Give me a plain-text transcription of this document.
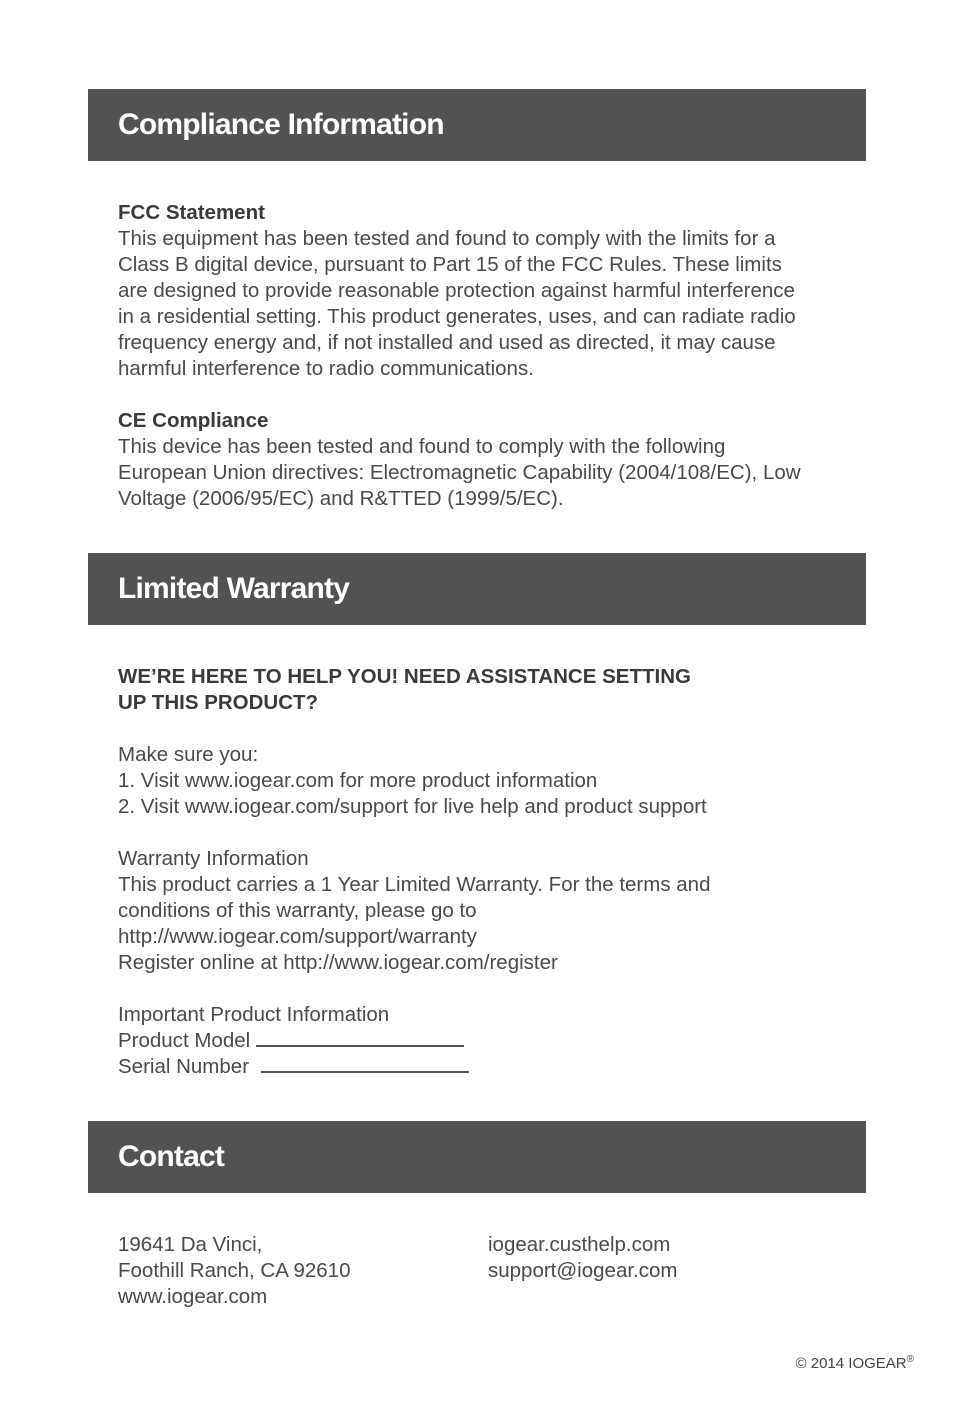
Compliance Information

FCC Statement

This equipment has been tested and found to comply with the limits for a

Class B digital device, pursuant to Part 15 of the FCC Rules. These limits

are designed to provide reasonable protection against harmful interference

in a residential setting. This product generates, uses, and can radiate radio

frequency energy and, if not installed and used as directed, it may cause

harmful interference to radio communications.

CE Compliance

This device has been tested and found to comply with the following

European Union directives: Electromagnetic Capability (2004/108/EC), Low

Voltage (2006/95/EC) and R&TTED (1999/5/EC).

Limited Warranty

WE’RE HERE TO HELP YOU! NEED ASSISTANCE SETTING

UP THIS PRODUCT?

Make sure you:

1. Visit www.iogear.com for more product information

2. Visit www.iogear.com/support for live help and product support

Warranty Information

This product carries a 1 Year Limited Warranty. For the terms and

conditions of this warranty, please go to

http://www.iogear.com/support/warranty

Register online at http://www.iogear.com/register

Important Product Information

Product Model

Serial Number

Contact

19641 Da Vinci,

Foothill Ranch, CA 92610

www.iogear.com

iogear.custhelp.com

support@iogear.com

© 2014 IOGEAR®
